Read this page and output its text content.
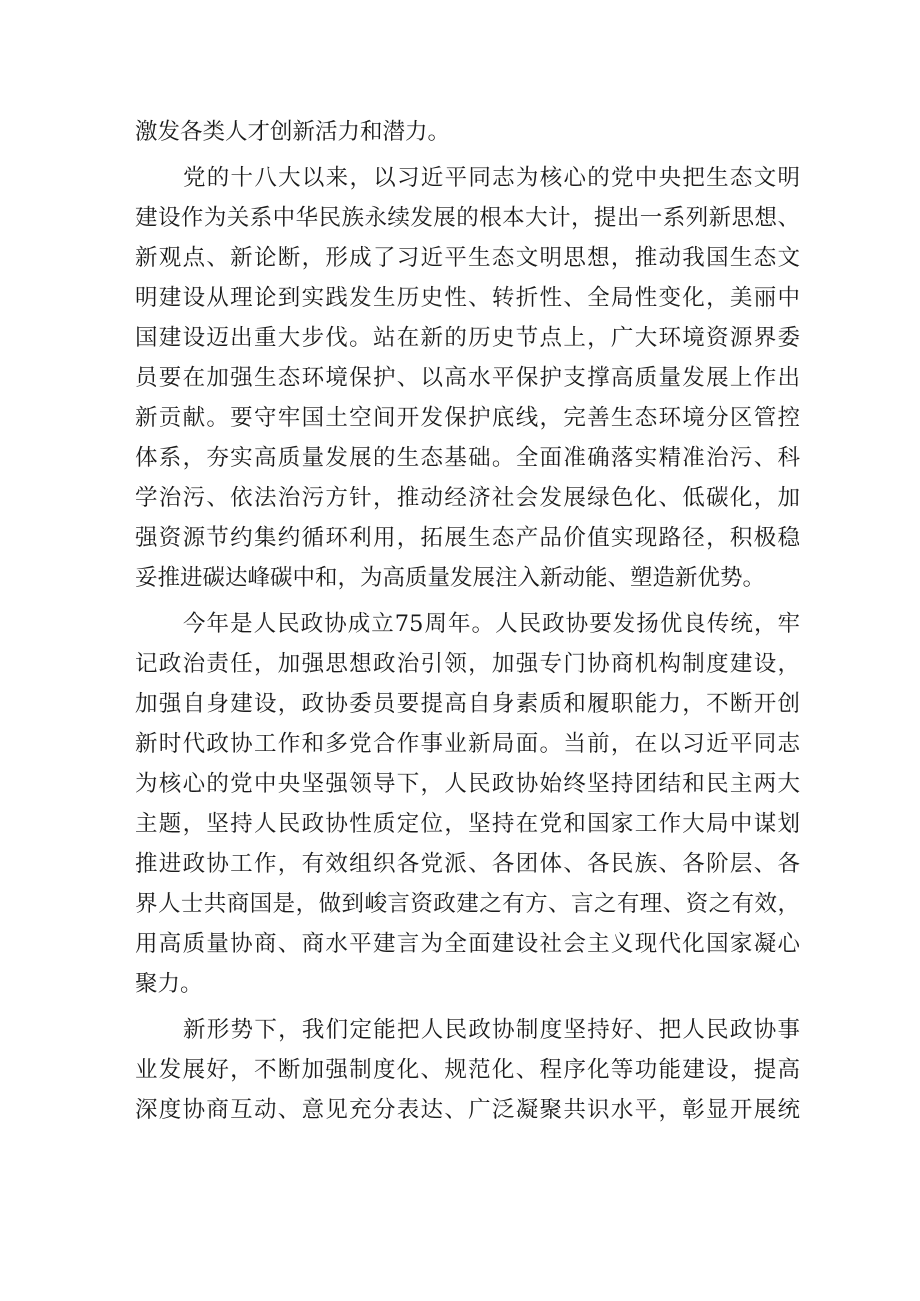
激发各类人才创新活力和潜力。
党的十八大以来，以习近平同志为核心的党中央把生态文明
建设作为关系中华民族永续发展的根本大计，提出一系列新思想、
新观点、新论断，形成了习近平生态文明思想，推动我国生态文
明建设从理论到实践发生历史性、转折性、全局性变化，美丽中
国建设迈出重大步伐。站在新的历史节点上，广大环境资源界委
员要在加强生态环境保护、以高水平保护支撑高质量发展上作出
新贡献。要守牢国土空间开发保护底线，完善生态环境分区管控
体系，夯实高质量发展的生态基础。全面准确落实精准治污、科
学治污、依法治污方针，推动经济社会发展绿色化、低碳化，加
强资源节约集约循环利用，拓展生态产品价值实现路径，积极稳
妥推进碳达峰碳中和，为高质量发展注入新动能、塑造新优势。
今年是人民政协成立75周年。人民政协要发扬优良传统，牢
记政治责任，加强思想政治引领，加强专门协商机构制度建设，
加强自身建设，政协委员要提高自身素质和履职能力，不断开创
新时代政协工作和多党合作事业新局面。当前，在以习近平同志
为核心的党中央坚强领导下，人民政协始终坚持团结和民主两大
主题，坚持人民政协性质定位，坚持在党和国家工作大局中谋划
推进政协工作，有效组织各党派、各团体、各民族、各阶层、各
界人士共商国是，做到峻言资政建之有方、言之有理、资之有效，
用高质量协商、商水平建言为全面建设社会主义现代化国家凝心
聚力。
新形势下，我们定能把人民政协制度坚持好、把人民政协事
业发展好，不断加强制度化、规范化、程序化等功能建设，提高
深度协商互动、意见充分表达、广泛凝聚共识水平，彰显开展统
